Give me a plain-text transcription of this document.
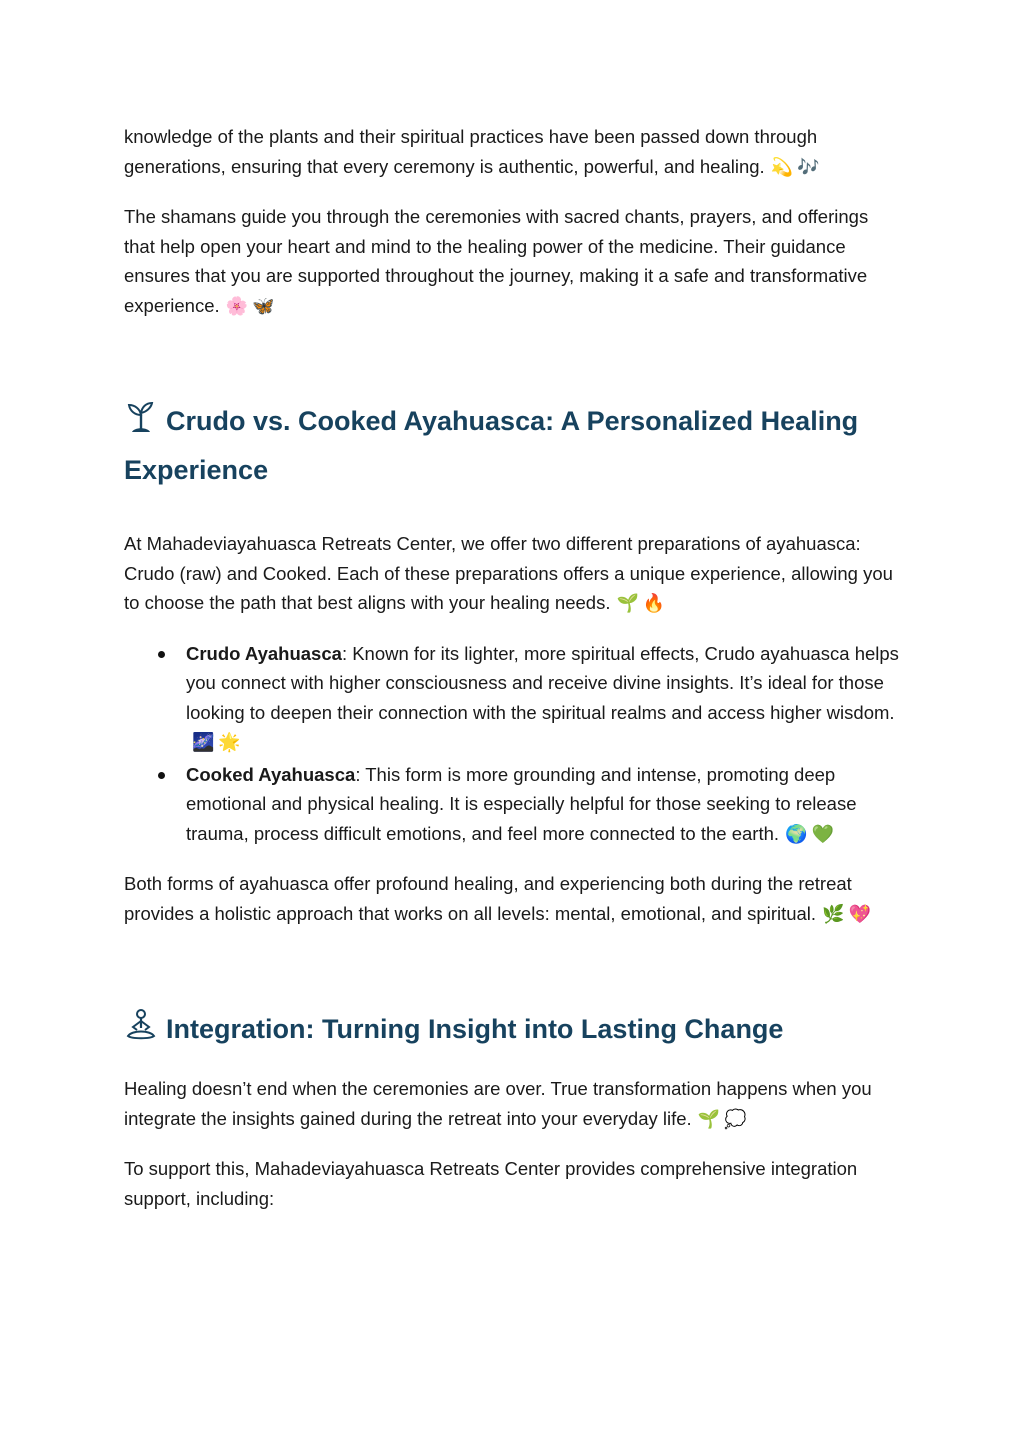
knowledge of the plants and their spiritual practices have been passed down through generations, ensuring that every ceremony is authentic, powerful, and healing. 💫 🎶

The shamans guide you through the ceremonies with sacred chants, prayers, and offerings that help open your heart and mind to the healing power of the medicine. Their guidance ensures that you are supported throughout the journey, making it a safe and transformative experience. 🌸 🦋

Crudo vs. Cooked Ayahuasca: A Personalized Healing Experience

At Mahadeviayahuasca Retreats Center, we offer two different preparations of ayahuasca: Crudo (raw) and Cooked. Each of these preparations offers a unique experience, allowing you to choose the path that best aligns with your healing needs. 🌱 🔥

Crudo Ayahuasca: Known for its lighter, more spiritual effects, Crudo ayahuasca helps you connect with higher consciousness and receive divine insights. It’s ideal for those looking to deepen their connection with the spiritual realms and access higher wisdom.🌌 🌟
Cooked Ayahuasca: This form is more grounding and intense, promoting deep emotional and physical healing. It is especially helpful for those seeking to release trauma, process difficult emotions, and feel more connected to the earth. 🌍 💚

Both forms of ayahuasca offer profound healing, and experiencing both during the retreat provides a holistic approach that works on all levels: mental, emotional, and spiritual. 🌿 💖

Integration: Turning Insight into Lasting Change

Healing doesn’t end when the ceremonies are over. True transformation happens when you integrate the insights gained during the retreat into your everyday life. 🌱 💭

To support this, Mahadeviayahuasca Retreats Center provides comprehensive integration support, including:
